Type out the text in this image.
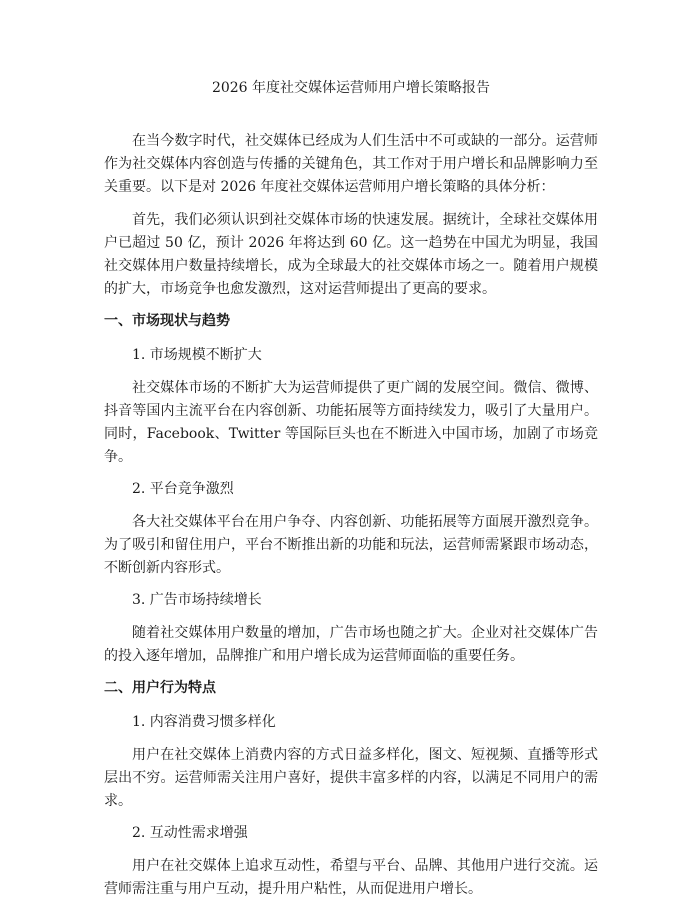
2026 年度社交媒体运营师用户增长策略报告

在当今数字时代，社交媒体已经成为人们生活中不可或缺的一部分。运营师作为社交媒体内容创造与传播的关键角色，其工作对于用户增长和品牌影响力至关重要。以下是对 2026 年度社交媒体运营师用户增长策略的具体分析：

首先，我们必须认识到社交媒体市场的快速发展。据统计，全球社交媒体用户已超过 50 亿，预计 2026 年将达到 60 亿。这一趋势在中国尤为明显，我国社交媒体用户数量持续增长，成为全球最大的社交媒体市场之一。随着用户规模的扩大，市场竞争也愈发激烈，这对运营师提出了更高的要求。

一、市场现状与趋势
1. 市场规模不断扩大

社交媒体市场的不断扩大为运营师提供了更广阔的发展空间。微信、微博、抖音等国内主流平台在内容创新、功能拓展等方面持续发力，吸引了大量用户。同时，Facebook、Twitter 等国际巨头也在不断进入中国市场，加剧了市场竞争。

2. 平台竞争激烈

各大社交媒体平台在用户争夺、内容创新、功能拓展等方面展开激烈竞争。为了吸引和留住用户，平台不断推出新的功能和玩法，运营师需紧跟市场动态，不断创新内容形式。

3. 广告市场持续增长

随着社交媒体用户数量的增加，广告市场也随之扩大。企业对社交媒体广告的投入逐年增加，品牌推广和用户增长成为运营师面临的重要任务。

二、用户行为特点
1. 内容消费习惯多样化

用户在社交媒体上消费内容的方式日益多样化，图文、短视频、直播等形式层出不穷。运营师需关注用户喜好，提供丰富多样的内容，以满足不同用户的需求。

2. 互动性需求增强

用户在社交媒体上追求互动性，希望与平台、品牌、其他用户进行交流。运营师需注重与用户互动，提升用户粘性，从而促进用户增长。
